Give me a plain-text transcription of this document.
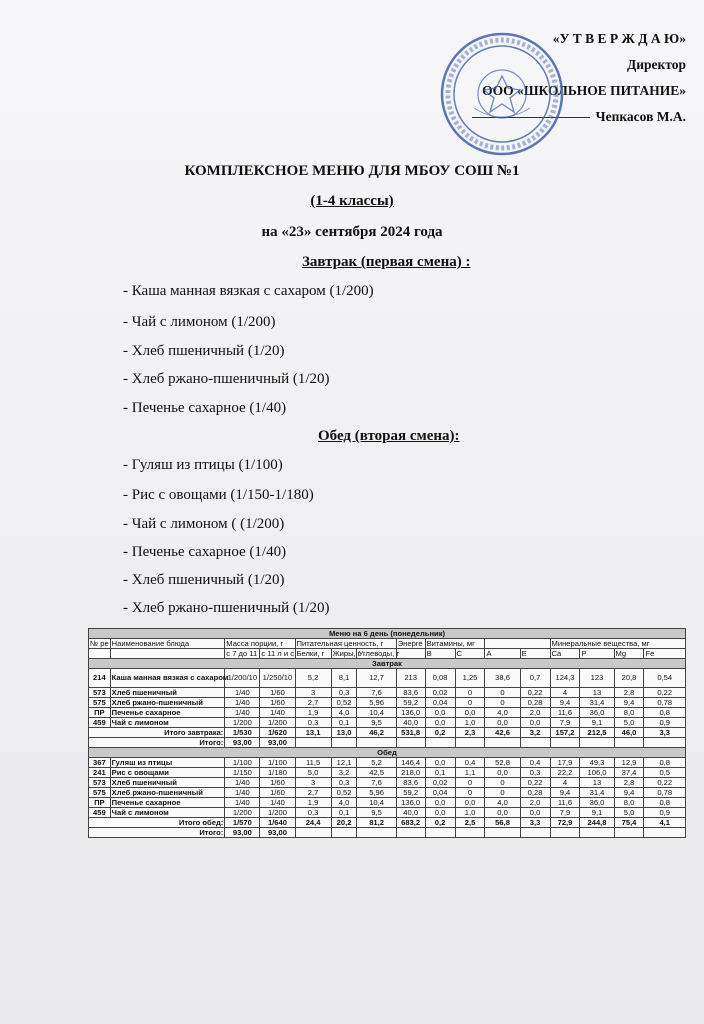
«У Т В Е Р Ж Д А Ю»
Директор
ООО «ШКОЛЬНОЕ ПИТАНИЕ»
Чепкасов М.А.
КОМПЛЕКСНОЕ МЕНЮ ДЛЯ МБОУ СОШ №1
(1-4 классы)
на «23» сентября 2024 года
Завтрак (первая смена) :
- Каша манная вязкая с сахаром (1/200)
- Чай с лимоном (1/200)
- Хлеб пшеничный (1/20)
- Хлеб ржано-пшеничный (1/20)
- Печенье сахарное (1/40)
Обед (вторая смена):
- Гуляш из птицы (1/100)
- Рис с овощами (1/150-1/180)
- Чай с лимоном ( (1/200)
- Печенье сахарное (1/40)
- Хлеб пшеничный (1/20)
- Хлеб ржано-пшеничный (1/20)
Меню на 6 день (понедельник)															
№ ре	Наименование блюда	Масса порции, г		Питательная ценность, г			Энерге	Витамины, мг				Минеральные вещества, мг			
		с 7 до 11	с 11 л и с	Белки, г	Жиры, г	Углеводы, г		B	C	A	E	Ca	P	Mg	Fe
Завтрак															
214	Каша манная вязкая с сахаром	1/200/10	1/250/10	5,2	8,1	12,7	213	0,08	1,25	38,6	0,7	124,3	123	20,8	0,54
573	Хлеб пшеничный	1/40	1/60	3	0,3	7,6	83,6	0,02	0	0	0,22	4	13	2,8	0,22
575	Хлеб ржано-пшеничный	1/40	1/60	2,7	0,52	5,96	59,2	0,04	0	0	0,28	9,4	31,4	9,4	0,78
ПР	Печенье сахарное	1/40	1/40	1,9	4,0	10,4	136,0	0,0	0,0	4,0	2,0	11,6	36,0	8,0	0,8
459	Чай с лимоном	1/200	1/200	0,3	0,1	9,5	40,0	0,0	1,0	0,0	0,0	7,9	9,1	5,0	0,9
Итого завтрака:		1/530	1/620	13,1	13,0	46,2	531,8	0,2	2,3	42,6	3,2	157,2	212,5	46,0	3,3
Итого:		93,00	93,00												
Обед															
367	Гуляш из птицы	1/100	1/100	11,5	12,1	5,2	146,4	0,0	0,4	52,8	0,4	17,9	49,3	12,9	0,8
241	Рис с овощами	1/150	1/180	5,0	3,2	42,5	218,0	0,1	1,1	0,0	0,3	22,2	106,0	37,4	0,5
573	Хлеб пшеничный	1/40	1/60	3	0,3	7,6	83,6	0,02	0	0	0,22	4	13	2,8	0,22
575	Хлеб ржано-пшеничный	1/40	1/60	2,7	0,52	5,96	59,2	0,04	0	0	0,28	9,4	31,4	9,4	0,78
ПР	Печенье сахарное	1/40	1/40	1,9	4,0	10,4	136,0	0,0	0,0	4,0	2,0	11,6	36,0	8,0	0,8
459	Чай с лимоном	1/200	1/200	0,3	0,1	9,5	40,0	0,0	1,0	0,0	0,0	7,9	9,1	5,0	0,9
Итого обед:		1/570	1/640	24,4	20,2	81,2	683,2	0,2	2,5	56,8	3,3	72,9	244,8	75,4	4,1
Итого:		93,00	93,00												
